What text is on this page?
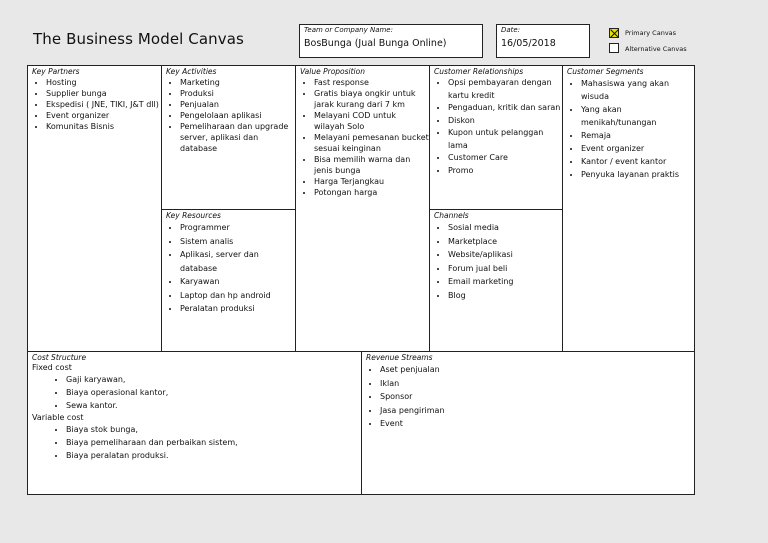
The Business Model Canvas	Team or Company Name:
BosBunga (Jual Bunga Online)
Date:
16/05/2018
Primary Canvas
Alternative Canvas
Key Partners
• Hosting
• Supplier bunga
• Ekspedisi ( JNE, TIKI, J&T dll)
• Event organizer
• Komunitas Bisnis
Key Activities
• Marketing
• Produksi
• Penjualan
• Pengelolaan aplikasi
• Pemeliharaan dan upgrade server, aplikasi dan database
Key Resources
• Programmer
• Sistem analis
• Aplikasi, server dan database
• Karyawan
• Laptop dan hp android
• Peralatan produksi
Value Proposition
• Fast response
• Gratis biaya ongkir untuk jarak kurang dari 7 km
• Melayani COD untuk wilayah Solo
• Melayani pemesanan bucket sesuai keinginan
• Bisa memilih warna dan jenis bunga
• Harga Terjangkau
• Potongan harga
Customer Relationships
• Opsi pembayaran dengan kartu kredit
• Pengaduan, kritik dan saran
• Diskon
• Kupon untuk pelanggan lama
• Customer Care
• Promo
Channels
• Sosial media
• Marketplace
• Website/aplikasi
• Forum jual beli
• Email marketing
• Blog
Customer Segments
• Mahasiswa yang akan wisuda
• Yang akan menikah/tunangan
• Remaja
• Event organizer
• Kantor / event kantor
• Penyuka layanan praktis
Cost Structure
Fixed cost
• Gaji karyawan,
• Biaya operasional kantor,
• Sewa kantor.
Variable cost
• Biaya stok bunga,
• Biaya pemeliharaan dan perbaikan sistem,
• Biaya peralatan produksi.
Revenue Streams
• Aset penjualan
• Iklan
• Sponsor
• Jasa pengiriman
• Event
